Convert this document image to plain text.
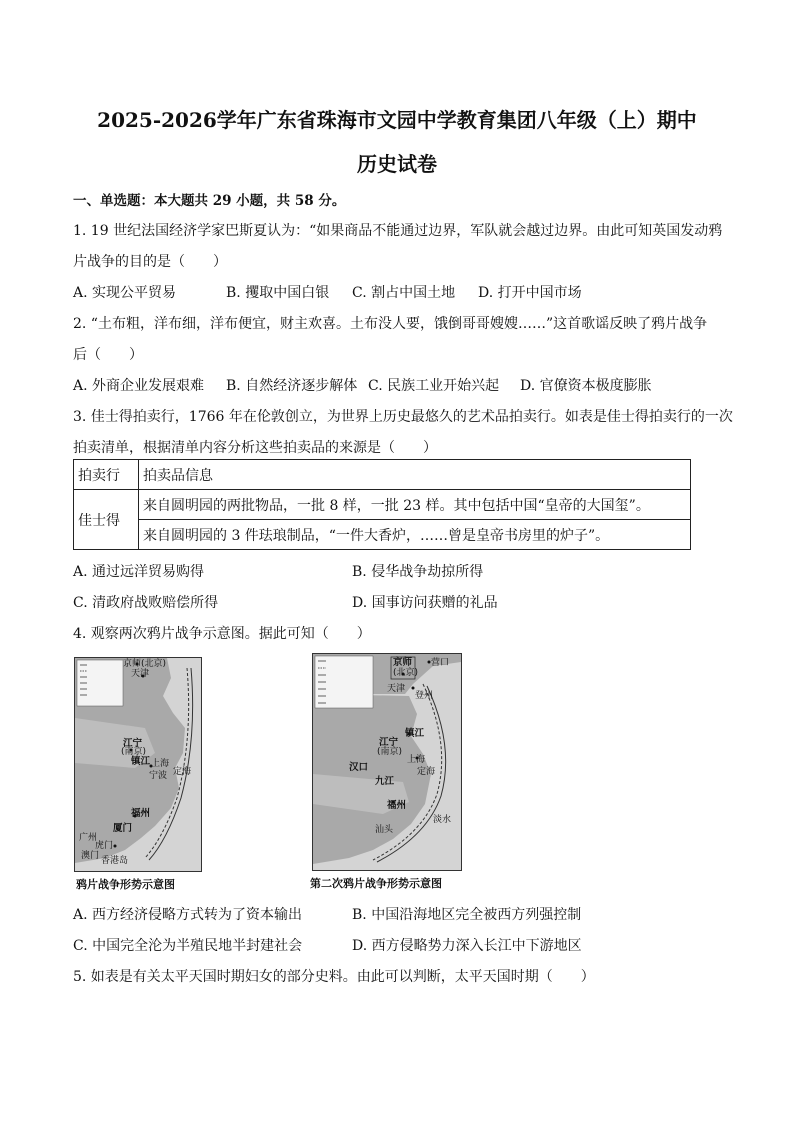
2025-2026学年广东省珠海市文园中学教育集团八年级（上）期中
历史试卷
一、单选题：本大题共 29 小题，共 58 分。
1. 19 世纪法国经济学家巴斯夏认为：“如果商品不能通过边界，军队就会越过边界。由此可知英国发动鸦
片战争的目的是（　　）
A. 实现公平贸易	B. 攫取中国白银 C. 割占中国土地 D. 打开中国市场
2. “土布粗，洋布细，洋布便宜，财主欢喜。土布没人要，饿倒哥哥嫂嫂……”这首歌谣反映了鸦片战争
后（　　）
A. 外商企业发展艰难 B. 自然经济逐步解体 C. 民族工业开始兴起 D. 官僚资本极度膨胀
3. 佳士得拍卖行，1766 年在伦敦创立，为世界上历史最悠久的艺术品拍卖行。如表是佳士得拍卖行的一次
拍卖清单，根据清单内容分析这些拍卖品的来源是（　　）
拍卖行	拍卖品信息
佳士得	来自圆明园的两批物品，一批 8 样，一批 23 样。其中包括中国“皇帝的大国玺”。
	来自圆明园的 3 件珐琅制品，“一件大香炉，……曾是皇帝书房里的炉子”。
A. 通过远洋贸易购得	B. 侵华战争劫掠所得
C. 清政府战败赔偿所得	D. 国事访问获赠的礼品
4. 观察两次鸦片战争示意图。据此可知（　　）
京师(北京)
天津
江宁
(南京)
镇江 上海
宁波 定海
福州
厦门
广州
虎门
香港岛
澳门
鸦片战争形势示意图
京师
(北京)
营口
天津
登州
江宁
(南京)
镇江
汉口
九江
上海
定海
福州
淡水
汕头
第二次鸦片战争形势示意图
A. 西方经济侵略方式转为了资本输出	B. 中国沿海地区完全被西方列强控制
C. 中国完全沦为半殖民地半封建社会	D. 西方侵略势力深入长江中下游地区
5. 如表是有关太平天国时期妇女的部分史料。由此可以判断，太平天国时期（　　）
